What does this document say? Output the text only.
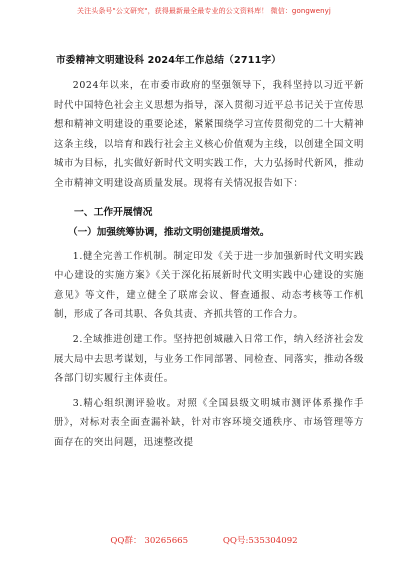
关注头条号"公文研究"，获得最新最全最专业的公文资料库！ 微信：gongwenyj
市委精神文明建设科 2024年工作总结（2711字）

2024年以来，在市委市政府的坚强领导下，我科坚持以习近平新时代中国特色社会主义思想为指导，深入贯彻习近平总书记关于宣传思想和精神文明建设的重要论述，紧紧围绕学习宣传贯彻党的二十大精神这条主线，以培育和践行社会主义核心价值观为主线，以创建全国文明城市为目标，扎实做好新时代文明实践工作，大力弘扬时代新风，推动全市精神文明建设高质量发展。现将有关情况报告如下：

一、工作开展情况
（一）加强统筹协调，推动文明创建提质增效。

1.健全完善工作机制。制定印发《关于进一步加强新时代文明实践中心建设的实施方案》《关于深化拓展新时代文明实践中心建设的实施意见》等文件，建立健全了联席会议、督查通报、动态考核等工作机制，形成了各司其职、各负其责、齐抓共管的工作合力。

2.全域推进创建工作。坚持把创城融入日常工作，纳入经济社会发展大局中去思考谋划，与业务工作同部署、同检查、同落实，推动各级各部门切实履行主体责任。

3.精心组织测评验收。对照《全国县级文明城市测评体系操作手册》，对标对表全面查漏补缺，针对市容环境交通秩序、市场管理等方面存在的突出问题，迅速整改提

QQ群： 30265665	QQ号:535304092
